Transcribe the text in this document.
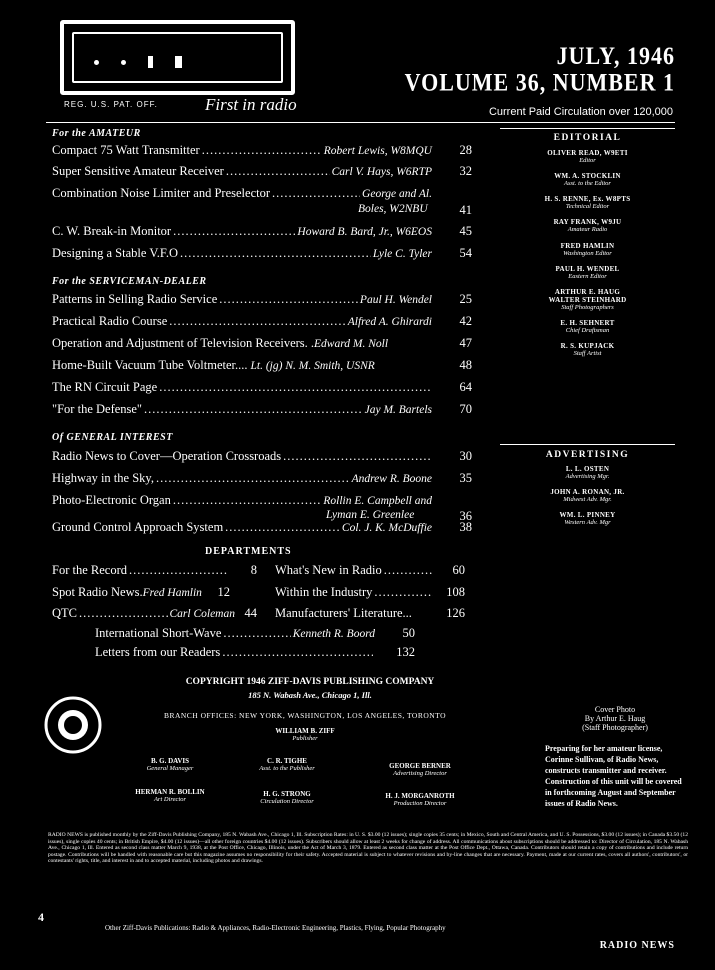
REG. U.S. PAT. OFF.	First in radio
JULY, 1946
VOLUME 36, NUMBER 1
Current Paid Circulation over 120,000
For the AMATEUR
Compact 75 Watt Transmitter .....	Robert Lewis, W8MQU	28
Super Sensitive Amateur Receiver .....	Carl V. Hays, W6RTP	32
Combination Noise Limiter and Preselector .....	George and Al.
Boles, W2NBU	41
C. W. Break-in Monitor .....	Howard B. Bard, Jr., W6EOS	45
Designing a Stable V.F.O .....	Lyle C. Tyler	54
For the SERVICEMAN-DEALER
Patterns in Selling Radio Service .....	Paul H. Wendel	25
Practical Radio Course .....	Alfred A. Ghirardi	42
Operation and Adjustment of Television Receivers. . Edward M. Noll	47
Home-Built Vacuum Tube Voltmeter.... Lt. (jg) N. M. Smith, USNR	48
The RN Circuit Page .....	64
"For the Defense" .....	Jay M. Bartels	70
Of GENERAL INTEREST
Radio News to Cover—Operation Crossroads .....	30
Highway in the Sky, .....	Andrew R. Boone	35
Photo-Electronic Organ .....	Rollin E. Campbell and
Lyman E. Greenlee	36
Ground Control Approach System .....	Col. J. K. McDuffie	38
DEPARTMENTS
For the Record .....	8
Spot Radio News. Fred Hamlin	12
QTC .....	Carl Coleman 44
What's New in Radio .....	60
Within the Industry .....	108
Manufacturers' Literature...	126
International Short-Wave .....	Kenneth R. Boord	50
Letters from our Readers .....	132
EDITORIAL
OLIVER READ, W9ETI
Editor
WM. A. STOCKLIN
Asst. to the Editor
H. S. RENNE, Ex. W8PTS
Technical Editor
RAY FRANK, W9JU
Amateur Radio
FRED HAMLIN
Washington Editor
PAUL H. WENDEL
Eastern Editor
ARTHUR E. HAUG
WALTER STEINHARD
Staff Photographers
E. H. SEHNERT
Chief Draftsman
R. S. KUPJACK
Staff Artist
ADVERTISING
L. L. OSTEN
Advertising Mgr.
JOHN A. RONAN, JR.
Midwest Adv. Mgr.
WM. L. PINNEY
Western Adv. Mgr
COPYRIGHT 1946 ZIFF-DAVIS PUBLISHING COMPANY
185 N. Wabash Ave., Chicago 1, Ill.
BRANCH OFFICES: NEW YORK, WASHINGTON, LOS ANGELES, TORONTO
WILLIAM B. ZIFF
Publisher
B. G. DAVIS
General Manager
C. R. TIGHE
Asst. to the Publisher	GEORGE BERNER
Advertising Director
HERMAN R. BOLLIN
Art Director
H. G. STRONG
Circulation Director
H. J. MORGANROTH
Production Director
Cover Photo
By Arthur E. Haug
(Staff Photographer)
Preparing for her amateur license, Corinne Sullivan, of Radio News, constructs transmitter and receiver. Construction of this unit will be covered in forthcoming August and September issues of Radio News.
RADIO NEWS is published monthly by the Ziff-Davis Publishing Company, 185 N. Wabash Ave., Chicago 1, Ill. Subscription Rates: in U. S. $3.00 (12 issues); single copies 35 cents; in Mexico, South and Central America, and U. S. Possessions, $3.00 (12 issues); in Canada $3.50 (12 issues), single copies 40 cents; in British Empire, $4.00 (12 issues)—all other foreign countries $4.00 (12 issues). Subscribers should allow at least 2 weeks for change of address. All communications about subscriptions should be addressed to: Director of Circulation, 185 N. Wabash Ave., Chicago 1, Ill. Entered as second class matter March 9, 1938, at the Post Office, Chicago, Illinois, under the Act of March 3, 1879. Entered as second class matter at the Post Office Dept., Ottawa, Canada. Contributors should retain a copy of contributions and include return postage. Contributions will be handled with reasonable care but this magazine assumes no responsibility for their safety. Accepted material is subject to whatever revisions and by-line changes that are necessary. Payment, made at our current rates, covers all authors', contributors', or contestants' rights, title, and interest in and to accepted material, including photos and drawings.
4
Other Ziff-Davis Publications: Radio & Appliances, Radio-Electronic Engineering, Plastics, Flying, Popular Photography
RADIO NEWS
